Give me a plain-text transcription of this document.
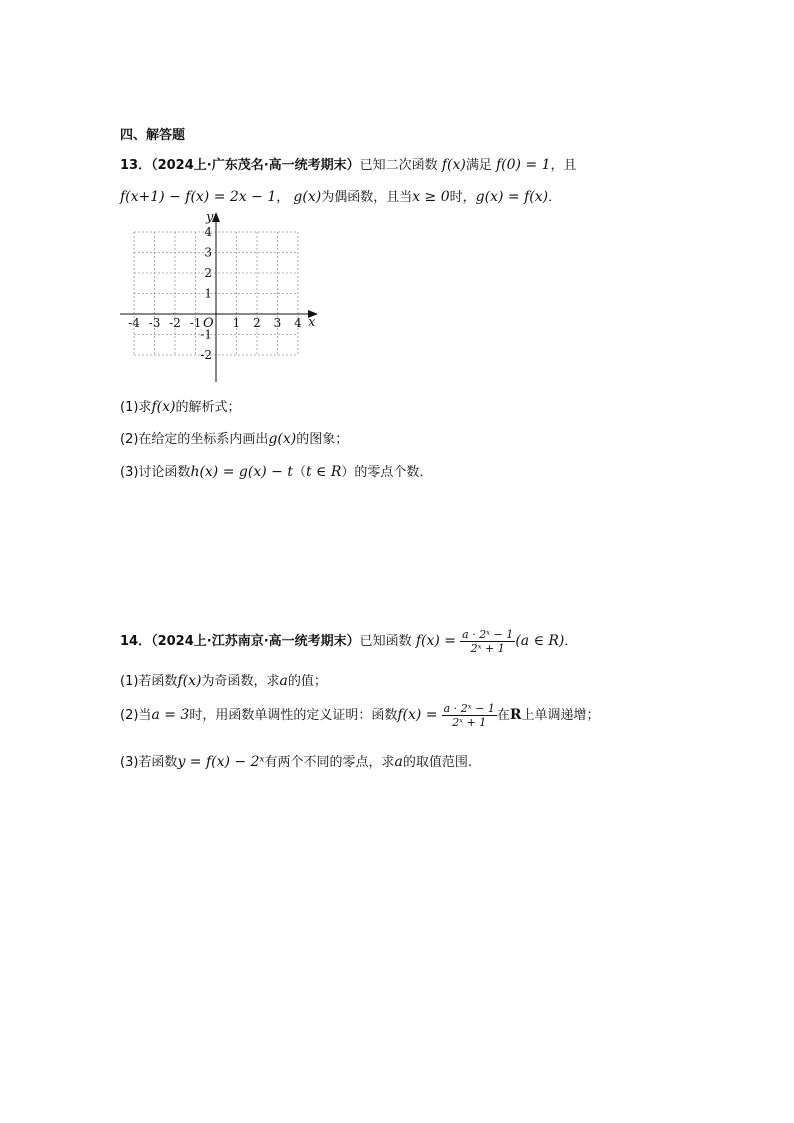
四、解答题
13．（2024上·广东茂名·高一统考期末）已知二次函数 f(x)满足 f(0) = 1，且
f(x+1) − f(x) = 2x − 1， g(x)为偶函数，且当x ≥ 0时，g(x) = f(x)．
x
y
O
-4 -3 -2 -1	1 2 3 4
4
3
2
1
-1
-2
(1)求f(x)的解析式；
(2)在给定的坐标系内画出g(x)的图象；
(3)讨论函数h(x) = g(x) − t（t ∈ R）的零点个数．
14．（2024上·江苏南京·高一统考期末）已知函数 $f(x) = \frac{\text{a · 2ˣ − 1}}{\text{2ˣ + 1}} (a$ ∈ R)．
(1)若函数f(x)为奇函数，求a的值；
(2)当a = 3时，用函数单调性的定义证明：函数$f(x) = \frac{\text{a · 2ˣ − 1}}{\text{2ˣ + 1}}$ 在R上单调递增；
(3)若函数y = f(x) − 2ˣ有两个不同的零点，求a的取值范围.
